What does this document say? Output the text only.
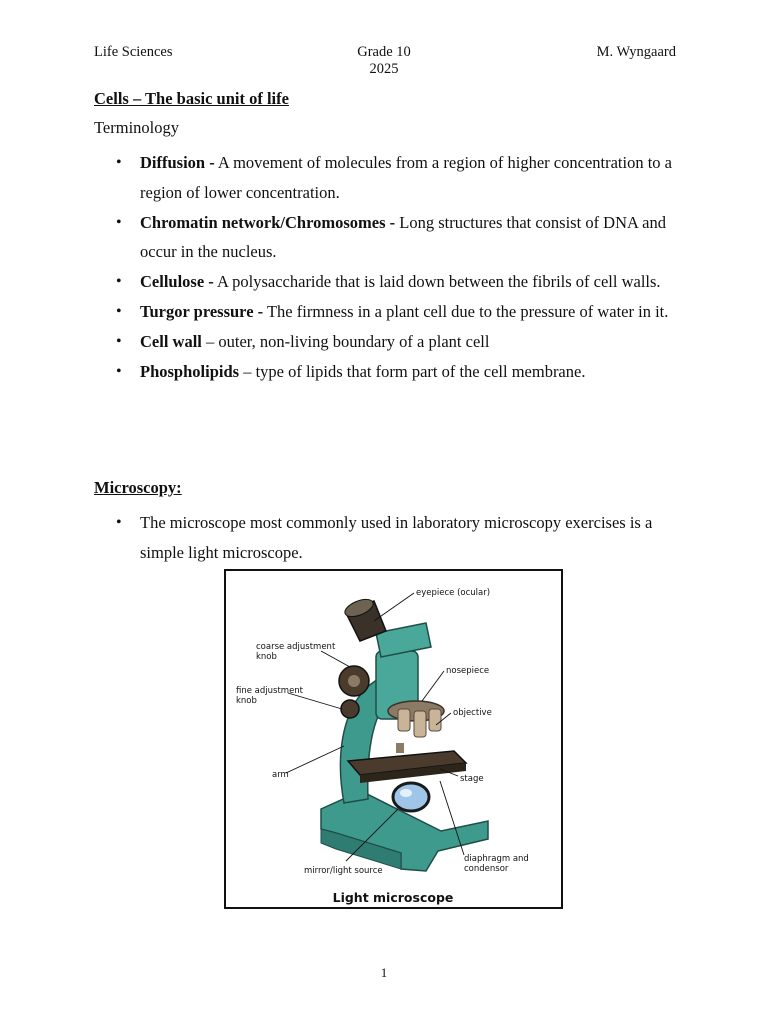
Life Sciences	Grade 10
2025
M. Wyngaard
Cells – The basic unit of life
Terminology
• Diffusion - A movement of molecules from a region of higher concentration to a region of lower concentration.
• Chromatin network/Chromosomes - Long structures that consist of DNA and occur in the nucleus.
• Cellulose - A polysaccharide that is laid down between the fibrils of cell walls.
• Turgor pressure - The firmness in a plant cell due to the pressure of water in it.
• Cell wall – outer, non-living boundary of a plant cell
• Phospholipids – type of lipids that form part of the cell membrane.
Microscopy:
• The microscope most commonly used in laboratory microscopy exercises is a simple light microscope.
eyepiece (ocular)
coarse adjustment
knob
nosepiece
fine adjustment
knob
objective
arm	stage
diaphragm and
condensor
mirror/light source
Light microscope
1
